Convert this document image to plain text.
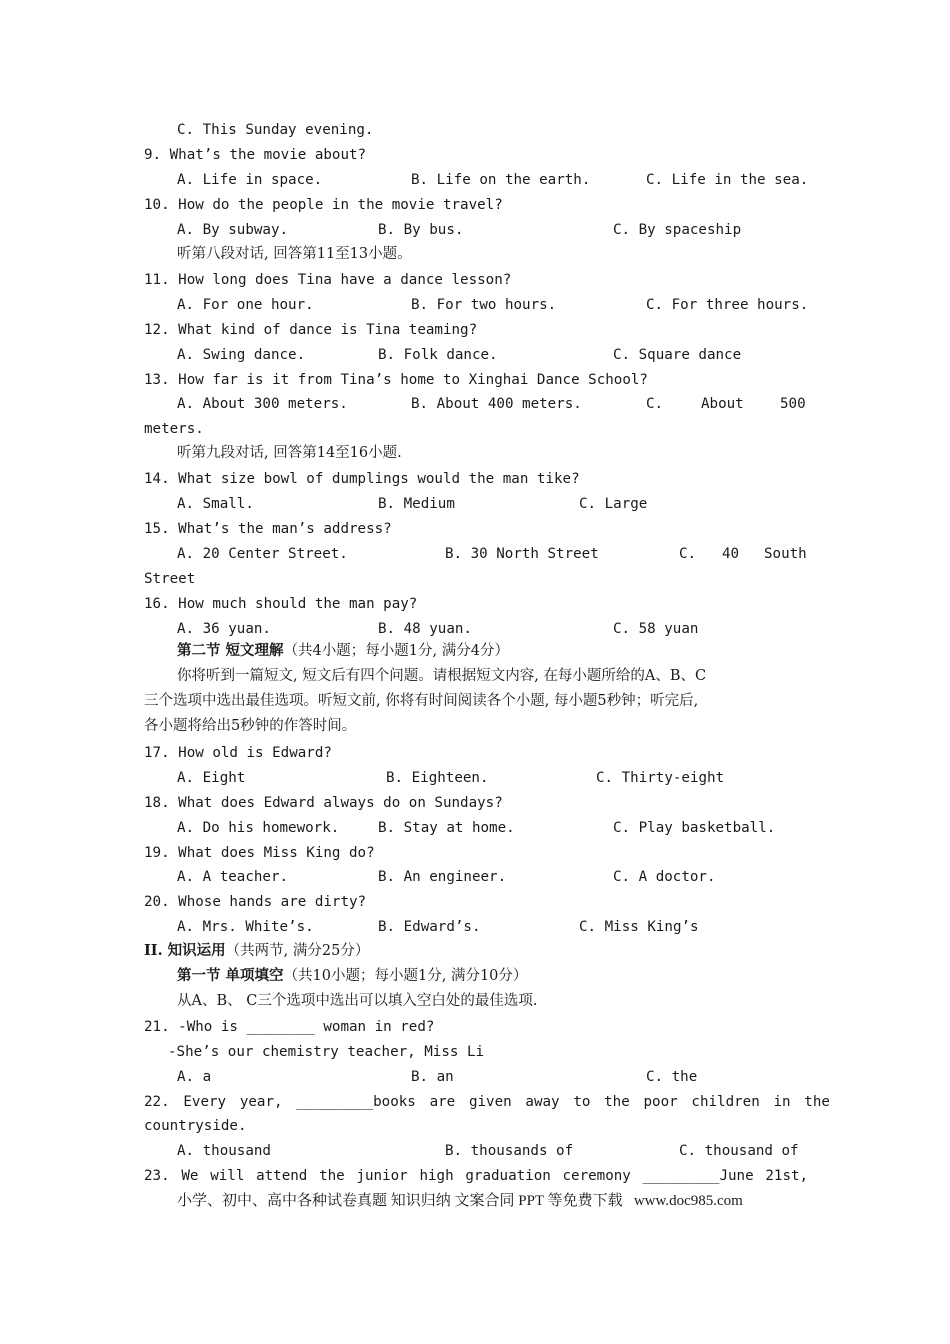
C. This Sunday evening.
9. What’s the movie about?
A. Life in space.	B. Life on the earth.	C. Life in the sea.
10. How do the people in the movie travel?
A. By subway.	B. By bus.	C. By spaceship
听第八段对话, 回答第11至13小题。
11. How long does Tina have a dance lesson?
A. For one hour.	B. For two hours.	C. For three hours.
12. What kind of dance is Tina teaming?
A. Swing dance.	B. Folk dance.	C. Square dance
13. How far is it from Tina’s home to Xinghai Dance School?
A. About 300 meters.	B. About 400 meters.	C.	About	500
meters.
听第九段对话, 回答第14至16小题.
14. What size bowl of dumplings would the man tike?
A. Small.	B. Medium	C. Large
15. What’s the man’s address?
A. 20 Center Street.	B. 30 North Street	C. 40 South
Street
16. How much should the man pay?
A. 36 yuan.	B. 48 yuan.	C. 58 yuan
第二节 短文理解（共4小题；每小题1分, 满分4分）
你将听到一篇短文, 短文后有四个问题。请根据短文内容, 在每小题所给的A、B、C
三个选项中选出最佳选项。听短文前, 你将有时间阅读各个小题, 每小题5秒钟；听完后,
各小题将给出5秒钟的作答时间。
17. How old is Edward?
A. Eight	B. Eighteen.	C. Thirty-eight
18. What does Edward always do on Sundays?
A. Do his homework.	B. Stay at home.	C. Play basketball.
19. What does Miss King do?
A. A teacher.	B. An engineer.	C. A doctor.
20. Whose hands are dirty?
A. Mrs. White’s.	B. Edward’s.	C. Miss King’s
II. 知识运用（共两节, 满分25分）
第一节 单项填空（共10小题；每小题1分, 满分10分）
从A、B、 C三个选项中选出可以填入空白处的最佳选项.
21. -Who is ________ woman in red?
-She’s our chemistry teacher, Miss Li
A. a	B. an	C. the
22. Every year, _________books are given away to the poor children in the
countryside.
A. thousand	B. thousands of	C. thousand of
23. We will attend the junior high graduation ceremony _________June 21st,
小学、初中、高中各种试卷真题 知识归纳 文案合同 PPT 等免费下载   www.doc985.com
